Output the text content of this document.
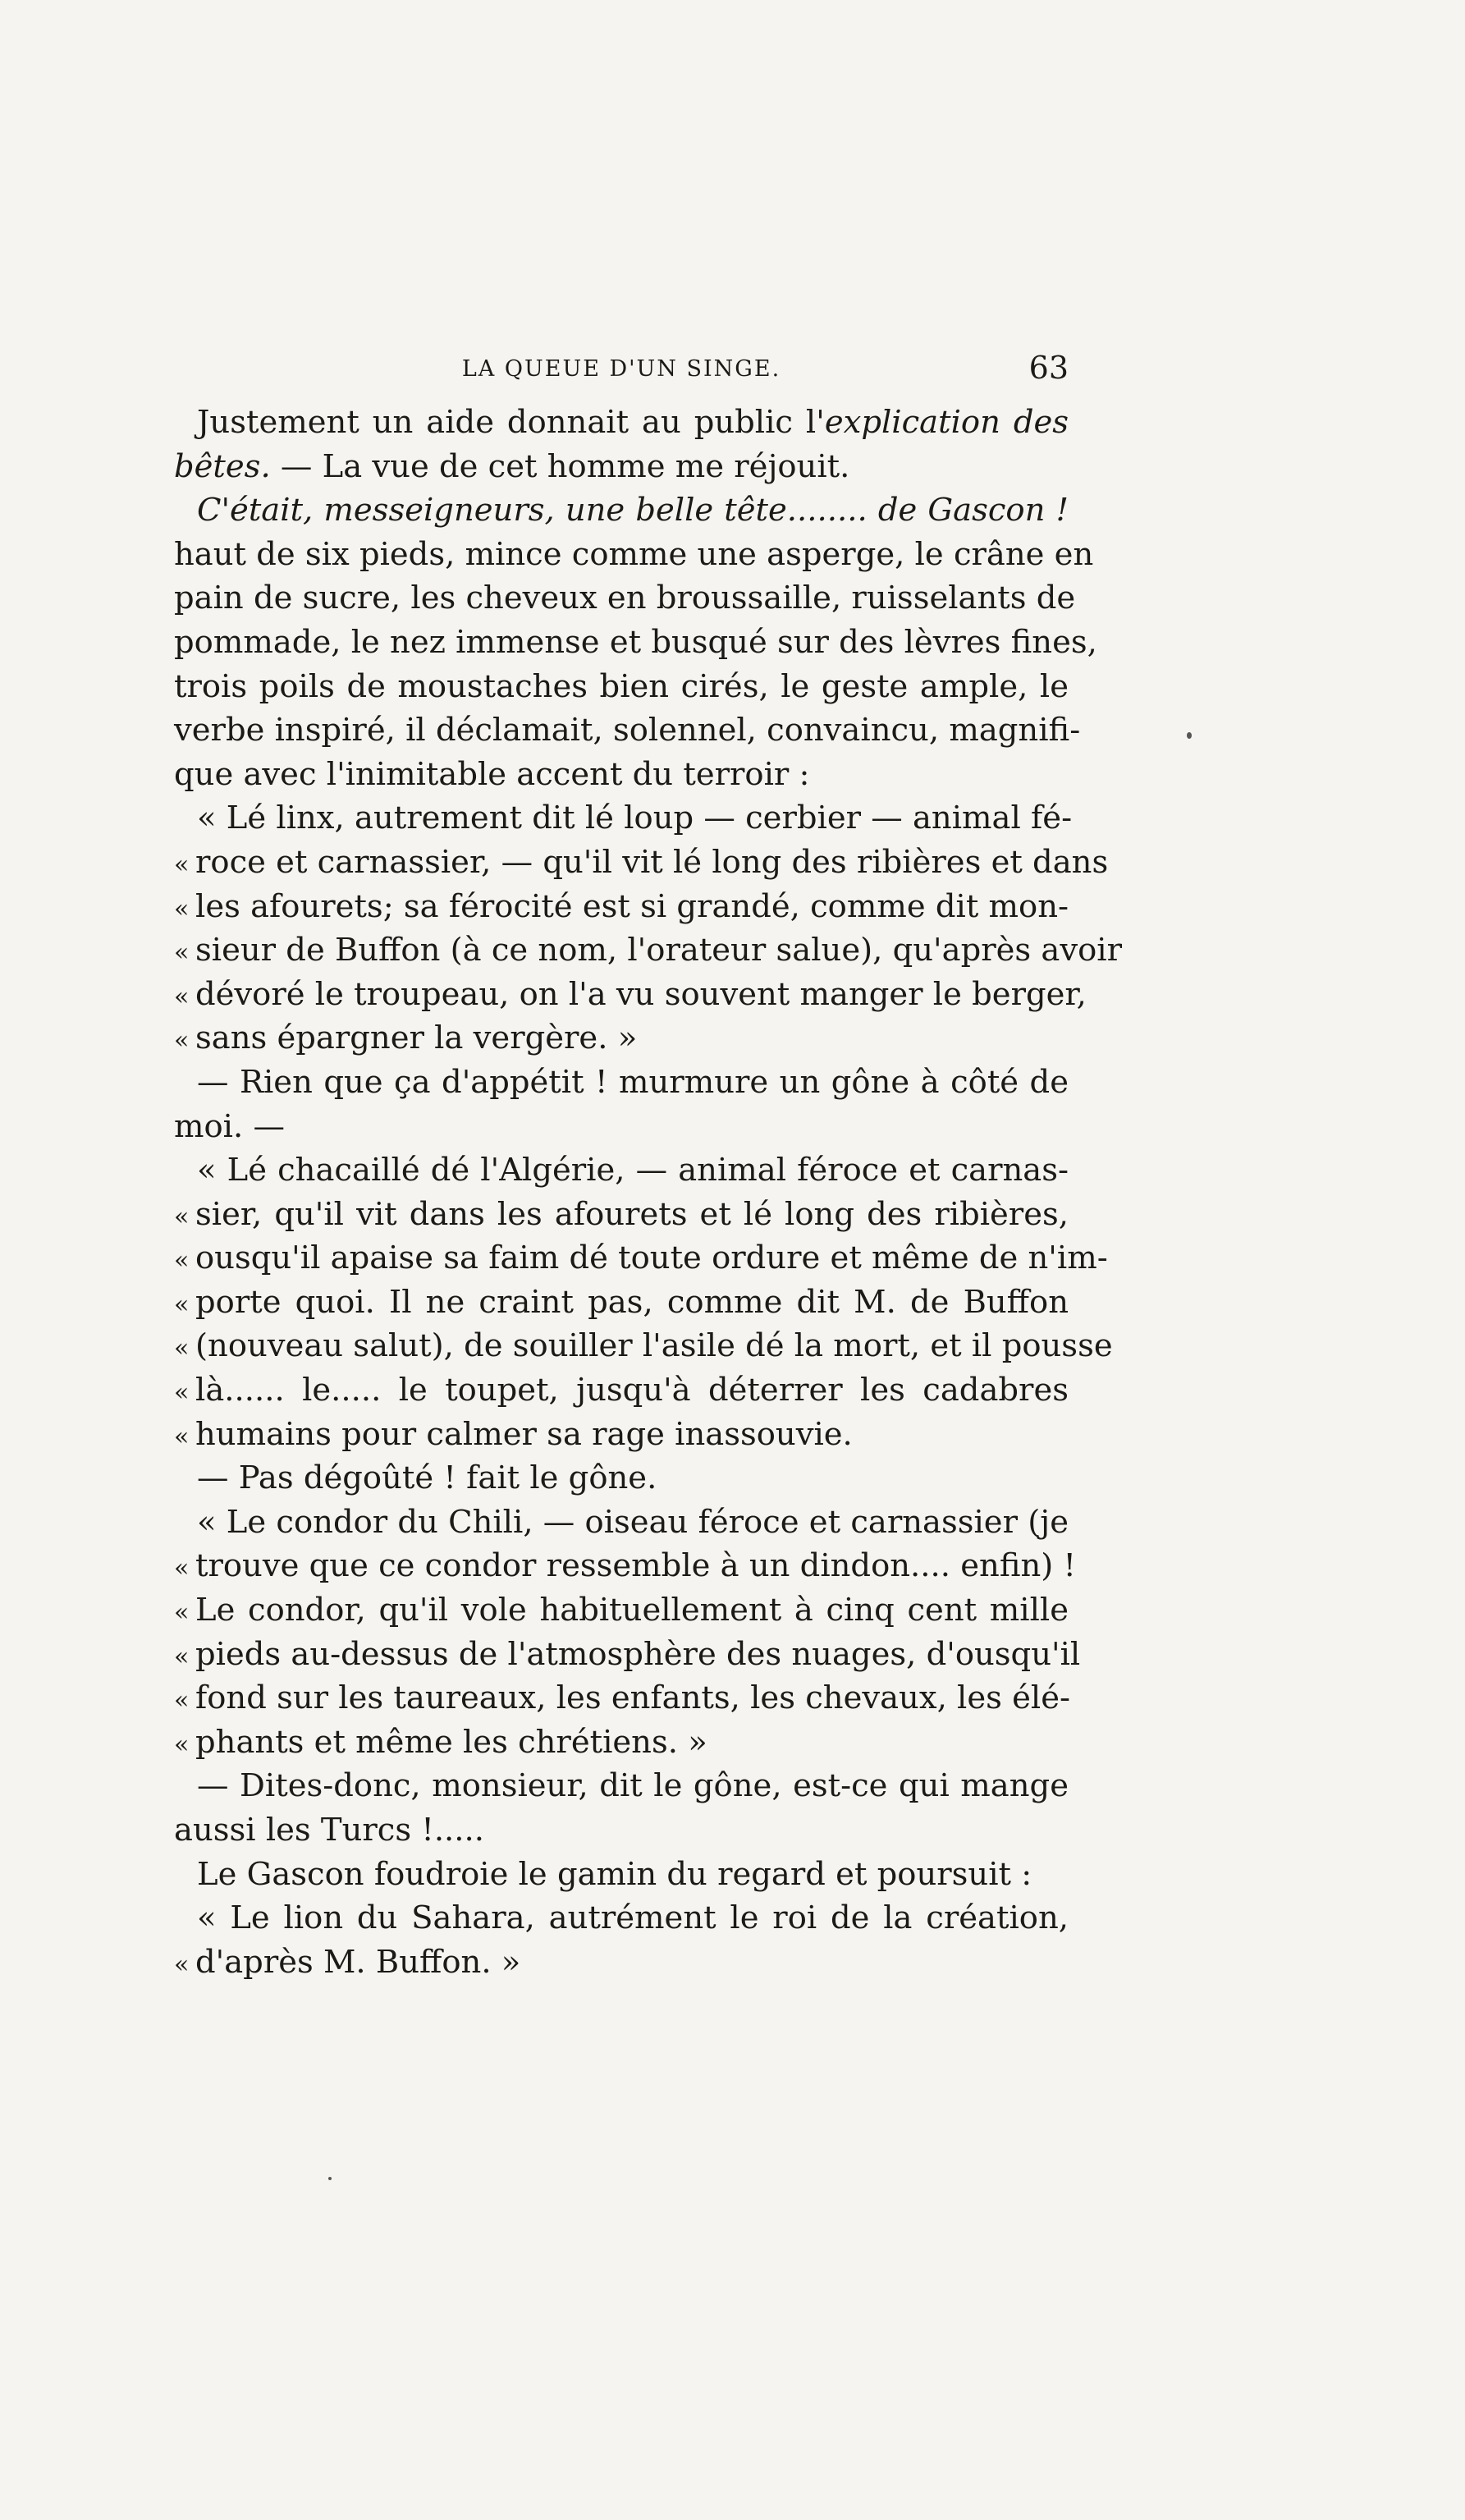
LA QUEUE D'UN SINGE.	63
Justement un aide donnait au public l'explication des
bêtes. — La vue de cet homme me réjouit.
C'était, messeigneurs, une belle tête........ de Gascon !
haut de six pieds, mince comme une asperge, le crâne en
pain de sucre, les cheveux en broussaille, ruisselants de
pommade, le nez immense et busqué sur des lèvres fines,
trois poils de moustaches bien cirés, le geste ample, le
verbe inspiré, il déclamait, solennel, convaincu, magnifi-
que avec l'inimitable accent du terroir :
« Lé linx, autrement dit lé loup — cerbier — animal fé-
« roce et carnassier, — qu'il vit lé long des ribières et dans
« les afourets; sa férocité est si grandé, comme dit mon-
« sieur de Buffon (à ce nom, l'orateur salue), qu'après avoir
« dévoré le troupeau, on l'a vu souvent manger le berger,
« sans épargner la vergère. »
— Rien que ça d'appétit ! murmure un gône à côté de
moi. —
« Lé chacaillé dé l'Algérie, — animal féroce et carnas-
« sier, qu'il vit dans les afourets et lé long des ribières,
« ousqu'il apaise sa faim dé toute ordure et même de n'im-
« porte quoi. Il ne craint pas, comme dit M. de Buffon
« (nouveau salut), de souiller l'asile dé la mort, et il pousse
« là...... le..... le toupet, jusqu'à déterrer les cadabres
« humains pour calmer sa rage inassouvie.
— Pas dégoûté ! fait le gône.
« Le condor du Chili, — oiseau féroce et carnassier (je
« trouve que ce condor ressemble à un dindon.... enfin) !
« Le condor, qu'il vole habituellement à cinq cent mille
« pieds au-dessus de l'atmosphère des nuages, d'ousqu'il
« fond sur les taureaux, les enfants, les chevaux, les élé-
« phants et même les chrétiens. »
— Dites-donc, monsieur, dit le gône, est-ce qui mange
aussi les Turcs !.....
Le Gascon foudroie le gamin du regard et poursuit :
« Le lion du Sahara, autrément le roi de la création,
« d'après M. Buffon. »
